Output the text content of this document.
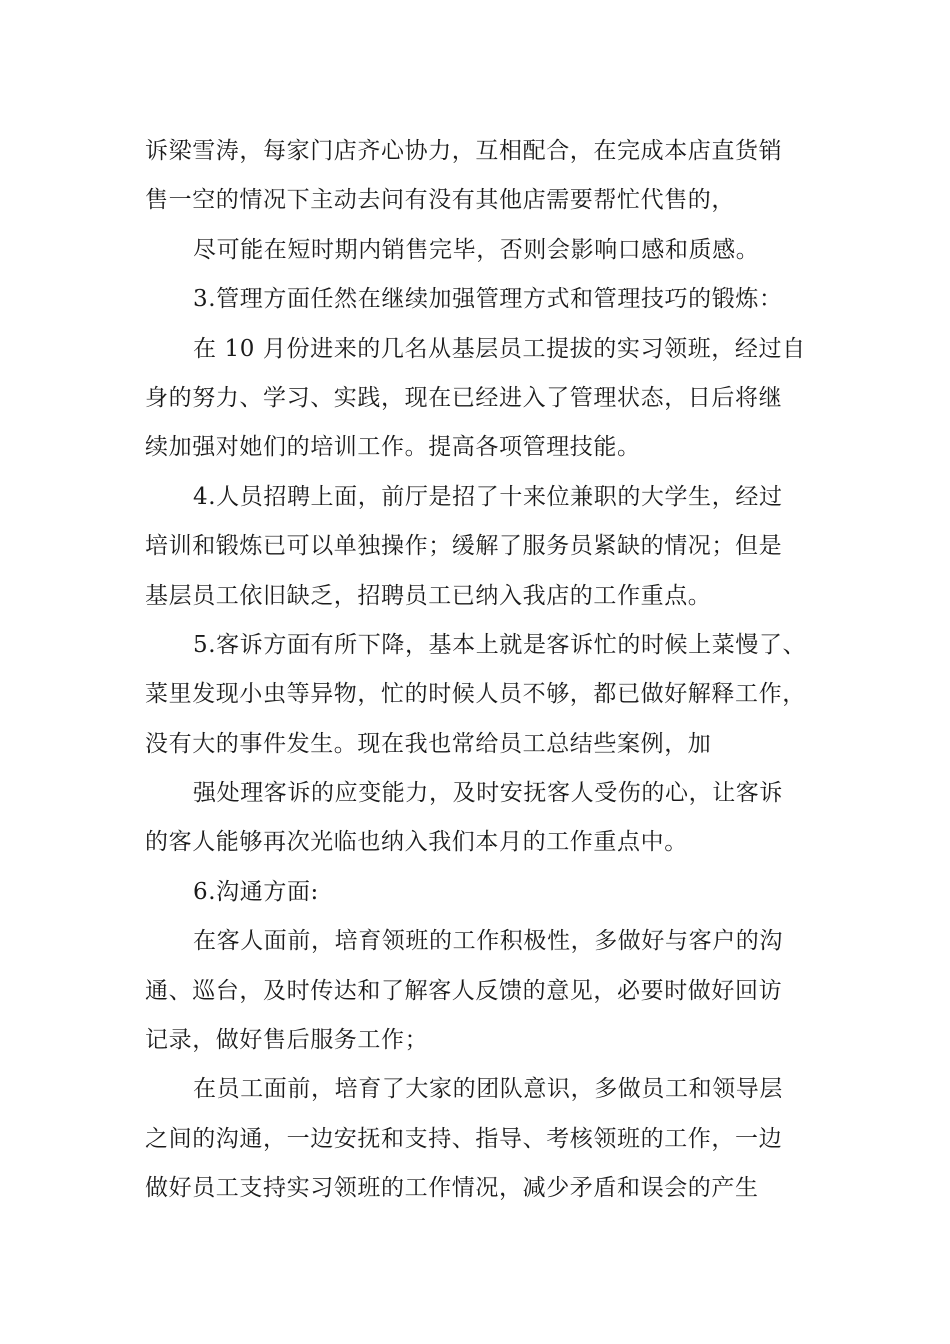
诉梁雪涛，每家门店齐心协力，互相配合，在完成本店直货销
售一空的情况下主动去问有没有其他店需要帮忙代售的，
尽可能在短时期内销售完毕，否则会影响口感和质感。
3.管理方面任然在继续加强管理方式和管理技巧的锻炼：
在 10 月份进来的几名从基层员工提拔的实习领班，经过自
身的努力、学习、实践，现在已经进入了管理状态，日后将继
续加强对她们的培训工作。提高各项管理技能。
4.人员招聘上面，前厅是招了十来位兼职的大学生，经过
培训和锻炼已可以单独操作；缓解了服务员紧缺的情况；但是
基层员工依旧缺乏，招聘员工已纳入我店的工作重点。
5.客诉方面有所下降，基本上就是客诉忙的时候上菜慢了、
菜里发现小虫等异物，忙的时候人员不够，都已做好解释工作，
没有大的事件发生。现在我也常给员工总结些案例，加
强处理客诉的应变能力，及时安抚客人受伤的心，让客诉
的客人能够再次光临也纳入我们本月的工作重点中。
6.沟通方面:
在客人面前，培育领班的工作积极性，多做好与客户的沟
通、巡台，及时传达和了解客人反馈的意见，必要时做好回访
记录，做好售后服务工作；
在员工面前，培育了大家的团队意识，多做员工和领导层
之间的沟通，一边安抚和支持、指导、考核领班的工作，一边
做好员工支持实习领班的工作情况，减少矛盾和误会的产生
